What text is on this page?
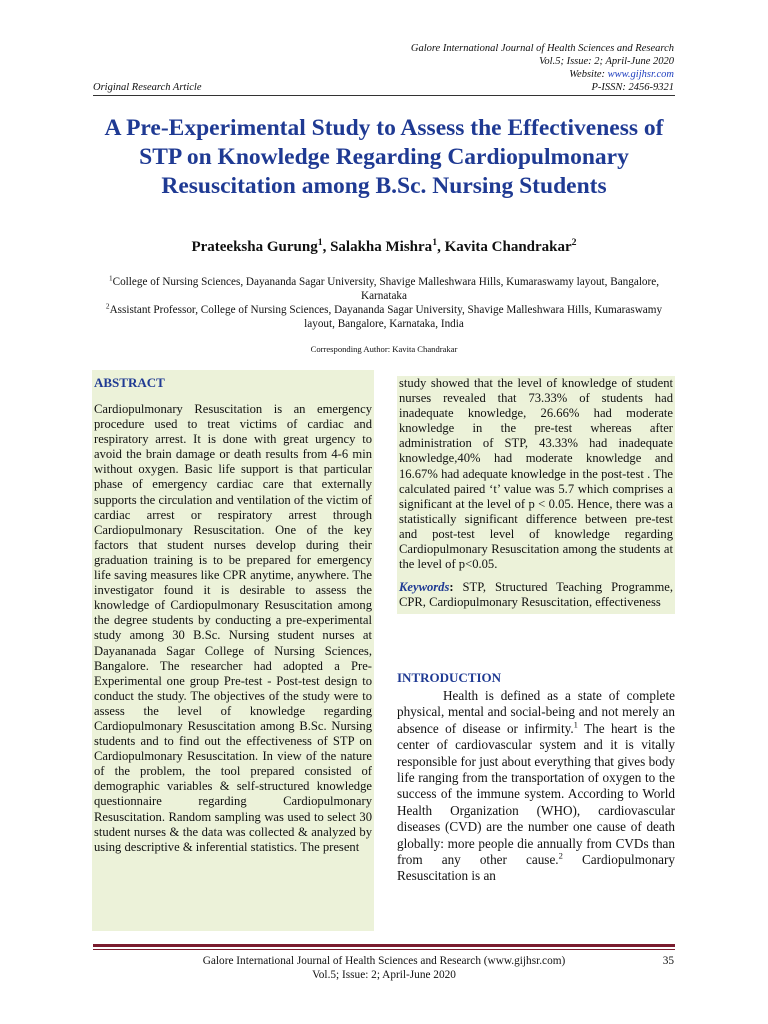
Galore International Journal of Health Sciences and Research
Vol.5; Issue: 2; April-June 2020
Website: www.gijhsr.com
P-ISSN: 2456-9321
Original Research Article
A Pre-Experimental Study to Assess the Effectiveness of STP on Knowledge Regarding Cardiopulmonary Resuscitation among B.Sc. Nursing Students
Prateeksha Gurung$^1$, Salakha Mishra$^1$, Kavita Chandrakar$^2$
$^1$College of Nursing Sciences, Dayananda Sagar University, Shavige Malleshwara Hills, Kumaraswamy layout, Bangalore, Karnataka
$^2$Assistant Professor, College of Nursing Sciences, Dayananda Sagar University, Shavige Malleshwara Hills, Kumaraswamy layout, Bangalore, Karnataka, India
Corresponding Author: Kavita Chandrakar
ABSTRACT

Cardiopulmonary Resuscitation is an emergency procedure used to treat victims of cardiac and respiratory arrest. It is done with great urgency to avoid the brain damage or death results from 4-6 min without oxygen. Basic life support is that particular phase of emergency cardiac care that externally supports the circulation and ventilation of the victim of cardiac arrest or respiratory arrest through Cardiopulmonary Resuscitation. One of the key factors that student nurses develop during their graduation training is to be prepared for emergency life saving measures like CPR anytime, anywhere. The investigator found it is desirable to assess the knowledge of Cardiopulmonary Resuscitation among the degree students by conducting a pre-experimental study among 30 B.Sc. Nursing student nurses at Dayananada Sagar College of Nursing Sciences, Bangalore. The researcher had adopted a Pre-Experimental one group Pre-test - Post-test design to conduct the study. The objectives of the study were to assess the level of knowledge regarding Cardiopulmonary Resuscitation among B.Sc. Nursing students and to find out the effectiveness of STP on Cardiopulmonary Resuscitation. In view of the nature of the problem, the tool prepared consisted of demographic variables & self-structured knowledge questionnaire regarding Cardiopulmonary Resuscitation. Random sampling was used to select 30 student nurses & the data was collected & analyzed by using descriptive & inferential statistics. The present

study showed that the level of knowledge of student nurses revealed that 73.33% of students had inadequate knowledge, 26.66% had moderate knowledge in the pre-test whereas after administration of STP, 43.33% had inadequate knowledge,40% had moderate knowledge and 16.67% had adequate knowledge in the post-test . The calculated paired ‘t’ value was 5.7 which comprises a significant at the level of p < 0.05. Hence, there was a statistically significant difference between pre-test and post-test level of knowledge regarding Cardiopulmonary Resuscitation among the students at the level of p<0.05.

Keywords: STP, Structured Teaching Programme, CPR, Cardiopulmonary Resuscitation, effectiveness

INTRODUCTION

Health is defined as a state of complete physical, mental and social-being and not merely an absence of disease or infirmity.$^1$ The heart is the center of cardiovascular system and it is vitally responsible for just about everything that gives body life ranging from the transportation of oxygen to the success of the immune system. According to World Health Organization (WHO), cardiovascular diseases (CVD) are the number one cause of death globally: more people die annually from CVDs than from any other cause.$^2$ Cardiopulmonary Resuscitation is an

Galore International Journal of Health Sciences and Research (www.gijhsr.com)
Vol.5; Issue: 2; April-June 2020
35
